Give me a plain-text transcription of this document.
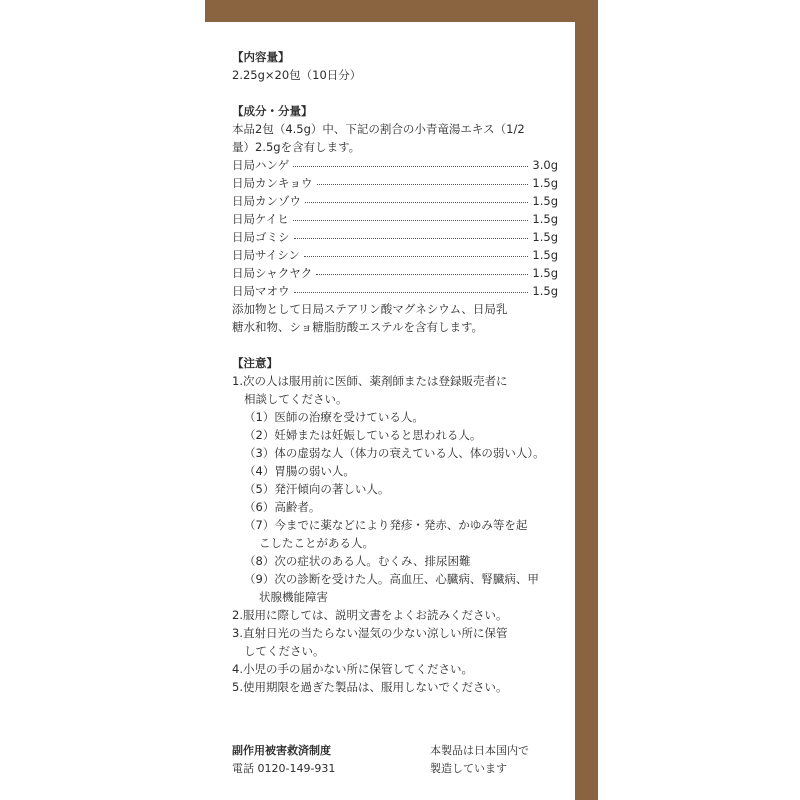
【内容量】
2.25g×20包（10日分）
【成分・分量】
本品2包（4.5g）中、下記の割合の小青竜湯エキス（1/2
量）2.5gを含有します。
日局ハンゲ	3.0g
日局カンキョウ	1.5g
日局カンゾウ	1.5g
日局ケイヒ	1.5g
日局ゴミシ	1.5g
日局サイシン	1.5g
日局シャクヤク	1.5g
日局マオウ	1.5g
添加物として日局ステアリン酸マグネシウム、日局乳
糖水和物、ショ糖脂肪酸エステルを含有します。
【注意】
1.次の人は服用前に医師、薬剤師または登録販売者に
相談してください。
（1）医師の治療を受けている人。
（2）妊婦または妊娠していると思われる人。
（3）体の虚弱な人（体力の衰えている人、体の弱い人）。
（4）胃腸の弱い人。
（5）発汗傾向の著しい人。
（6）高齢者。
（7）今までに薬などにより発疹・発赤、かゆみ等を起
こしたことがある人。
（8）次の症状のある人。むくみ、排尿困難
（9）次の診断を受けた人。高血圧、心臓病、腎臓病、甲
状腺機能障害
2.服用に際しては、説明文書をよくお読みください。
3.直射日光の当たらない湿気の少ない涼しい所に保管
してください。
4.小児の手の届かない所に保管してください。
5.使用期限を過ぎた製品は、服用しないでください。
副作用被害救済制度
電話 0120-149-931
本製品は日本国内で
製造しています
